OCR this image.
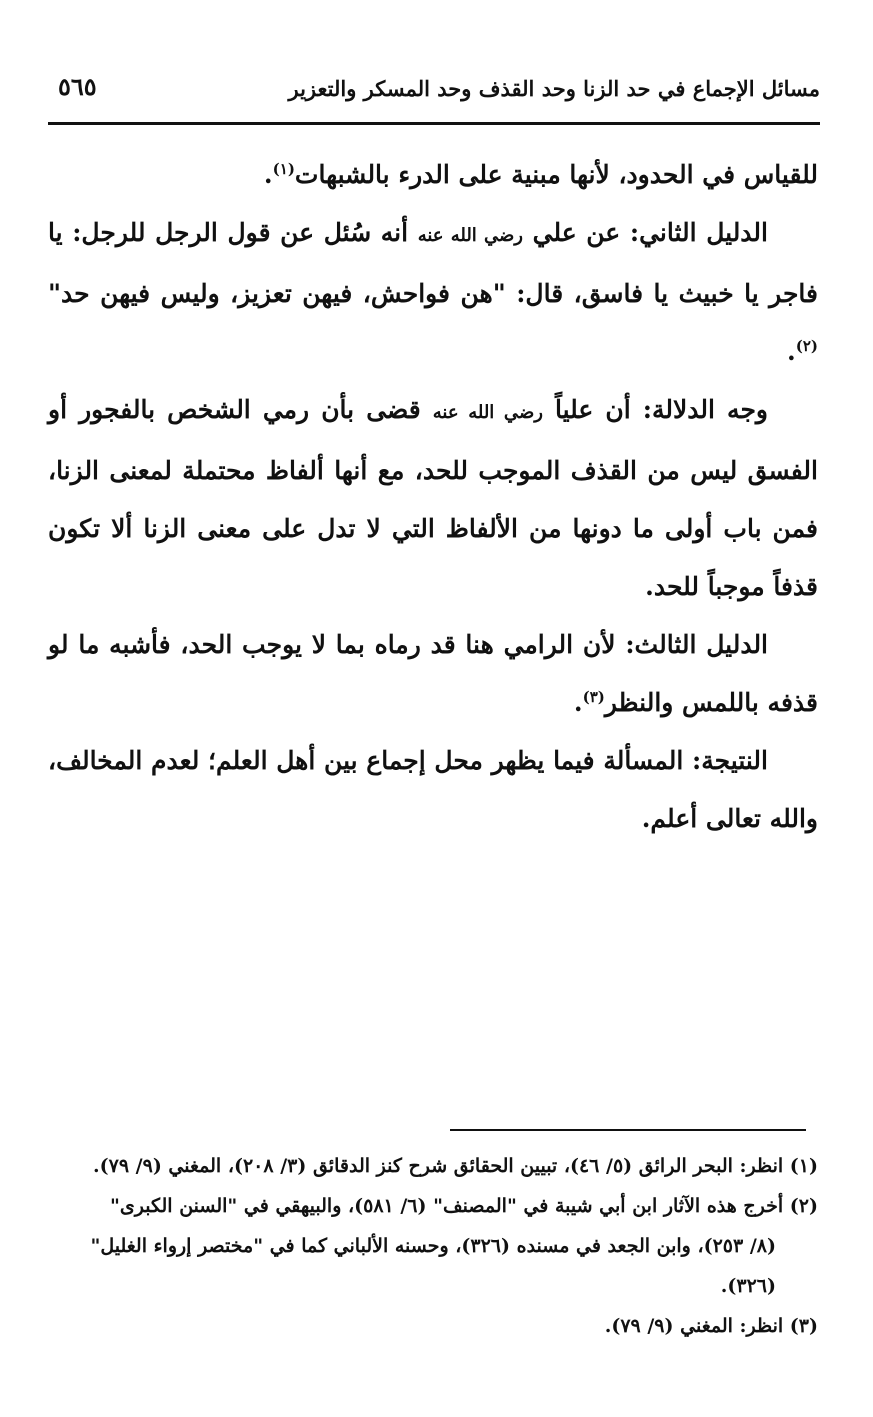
مسائل الإجماع في حد الزنا وحد القذف وحد المسكر والتعزير
٥٦٥

للقياس في الحدود، لأنها مبنية على الدرء بالشبهات$^{(١)}$.

الدليل الثاني: عن علي رضي الله عنه أنه سُئل عن قول الرجل للرجل: يا فاجر يا خبيث يا فاسق، قال: "هن فواحش، فيهن تعزيز، وليس فيهن حد"$^{(٢)}$.

وجه الدلالة: أن علياً رضي الله عنه قضى بأن رمي الشخص بالفجور أو الفسق ليس من القذف الموجب للحد، مع أنها ألفاظ محتملة لمعنى الزنا، فمن باب أولى ما دونها من الألفاظ التي لا تدل على معنى الزنا ألا تكون قذفاً موجباً للحد.

الدليل الثالث: لأن الرامي هنا قد رماه بما لا يوجب الحد، فأشبه ما لو قذفه باللمس والنظر$^{(٣)}$.

النتيجة: المسألة فيما يظهر محل إجماع بين أهل العلم؛ لعدم المخالف، والله تعالى أعلم.

(١) انظر: البحر الرائق (٥/ ٤٦)، تبيين الحقائق شرح كنز الدقائق (٣/ ٢٠٨)، المغني (٩/ ٧٩).

(٢) أخرج هذه الآثار ابن أبي شيبة في "المصنف" (٦/ ٥٨١)، والبيهقي في "السنن الكبرى"

(٨/ ٢٥٣)، وابن الجعد في مسنده (٣٢٦)، وحسنه الألباني كما في "مختصر إرواء الغليل"

(٣٢٦).

(٣) انظر: المغني (٩/ ٧٩).
